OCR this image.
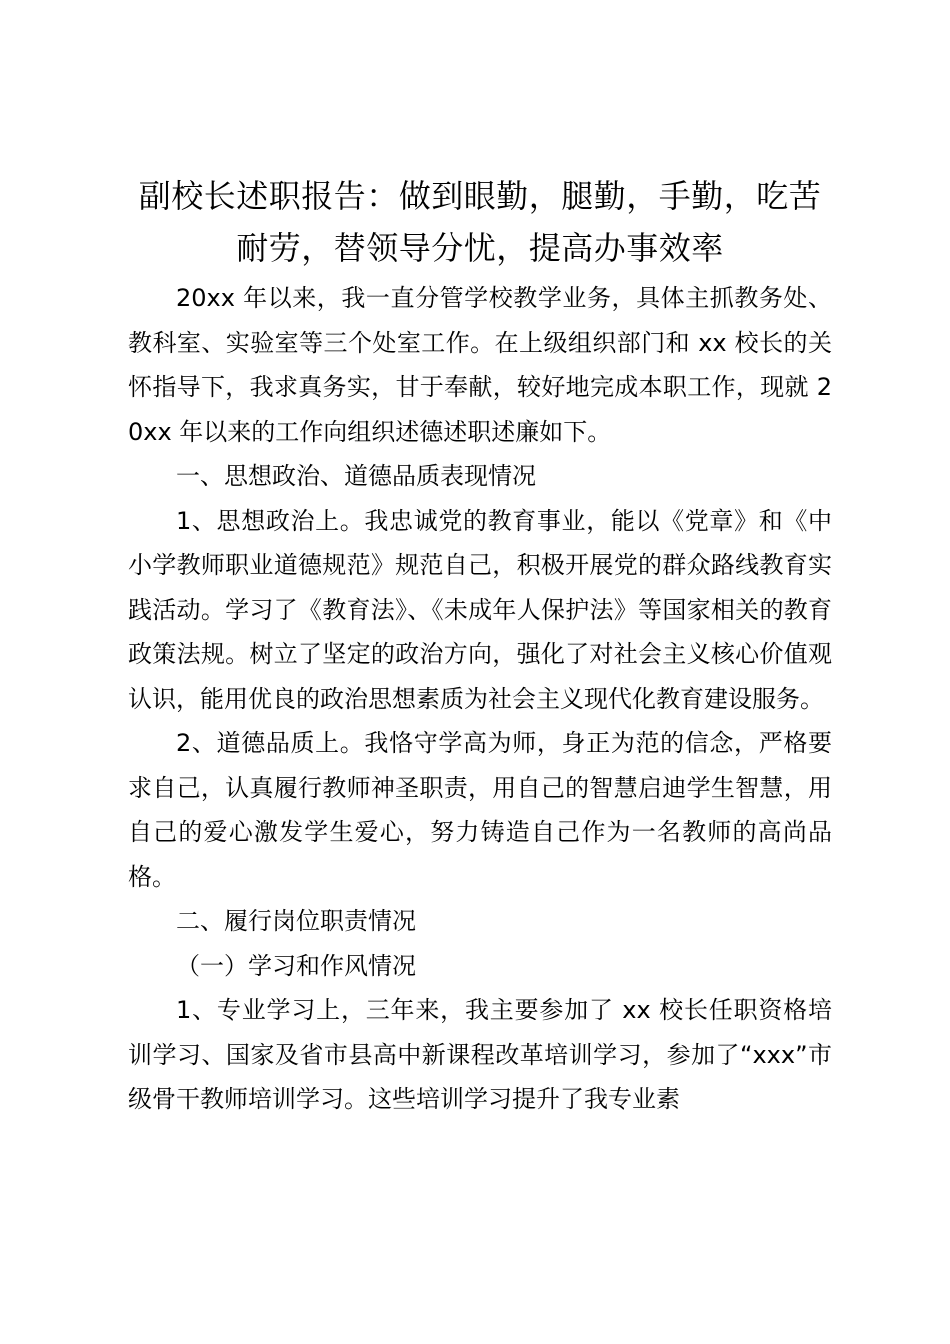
副校长述职报告：做到眼勤，腿勤，手勤，吃苦耐劳，替领导分忧，提高办事效率

20xx 年以来，我一直分管学校教学业务，具体主抓教务处、教科室、实验室等三个处室工作。在上级组织部门和 xx 校长的关怀指导下，我求真务实，甘于奉献，较好地完成本职工作，现就 20xx 年以来的工作向组织述德述职述廉如下。

一、思想政治、道德品质表现情况

1、思想政治上。我忠诚党的教育事业，能以《党章》和《中小学教师职业道德规范》规范自己，积极开展党的群众路线教育实践活动。学习了《教育法》、《未成年人保护法》等国家相关的教育政策法规。树立了坚定的政治方向，强化了对社会主义核心价值观认识，能用优良的政治思想素质为社会主义现代化教育建设服务。

2、道德品质上。我恪守学高为师，身正为范的信念，严格要求自己，认真履行教师神圣职责，用自己的智慧启迪学生智慧，用自己的爱心激发学生爱心，努力铸造自己作为一名教师的高尚品格。

二、履行岗位职责情况

（一）学习和作风情况

1、专业学习上，三年来，我主要参加了 xx 校长任职资格培训学习、国家及省市县高中新课程改革培训学习，参加了“xxx”市级骨干教师培训学习。这些培训学习提升了我专业素
